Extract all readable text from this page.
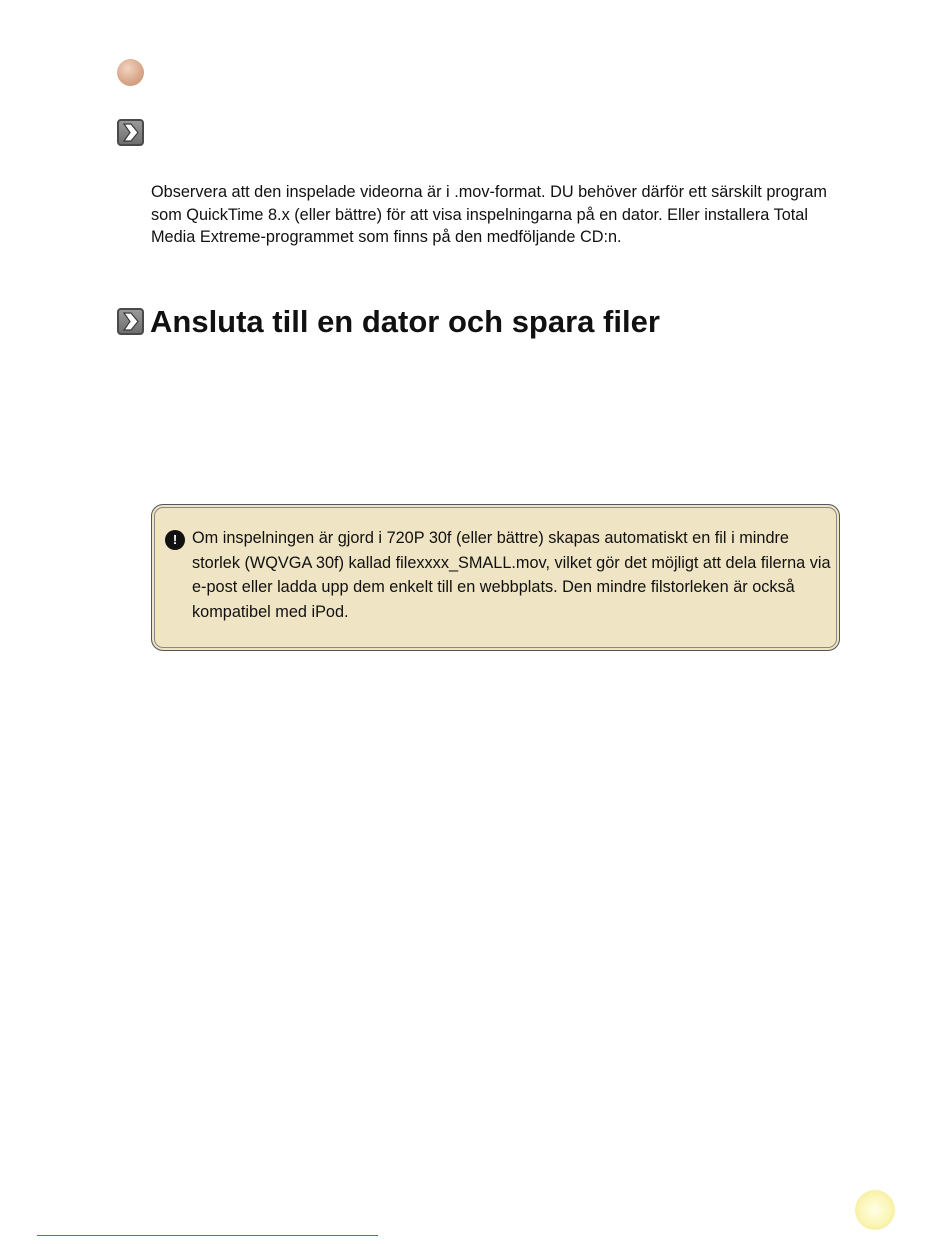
Observera att den inspelade videorna är i .mov-format. DU behöver därför ett särskilt program som QuickTime 8.x (eller bättre) för att visa inspelningarna på en dator. Eller installera Total Media Extreme-programmet som finns på den medföljande CD:n.

Ansluta till en dator och spara filer
! Om inspelningen är gjord i 720P 30f (eller bättre) skapas automatiskt en fil i mindre storlek (WQVGA 30f) kallad filexxxx_SMALL.mov, vilket gör det möjligt att dela filerna via e-post eller ladda upp dem enkelt till en webbplats. Den mindre filstorleken är också kompatibel med iPod.
